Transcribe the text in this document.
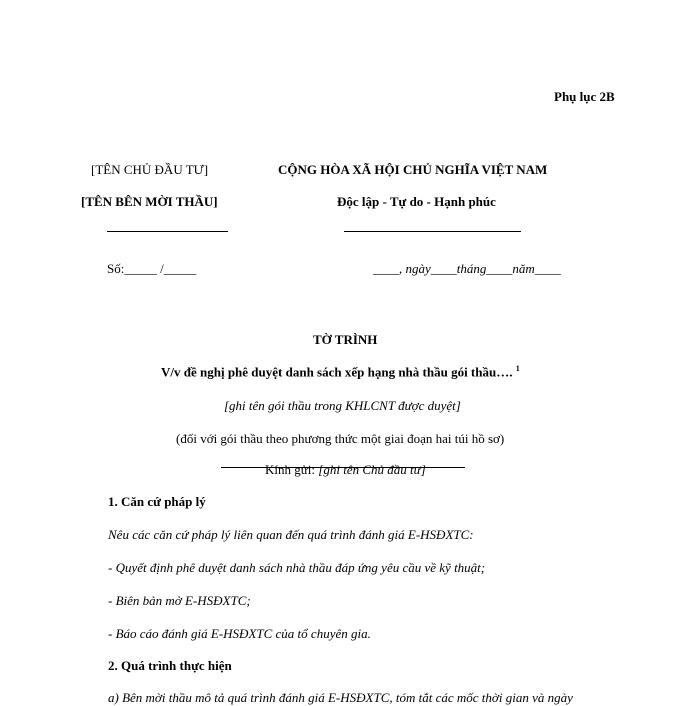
Phụ lục 2B
[TÊN CHỦ ĐẦU TƯ]
[TÊN BÊN MỜI THẦU]
CỘNG HÒA XÃ HỘI CHỦ NGHĨA VIỆT NAM
Độc lập - Tự do - Hạnh phúc
Số:_____ /_____	____, ngày____tháng____năm____
TỜ TRÌNH
V/v đề nghị phê duyệt danh sách xếp hạng nhà thầu gói thầu…. $^1$
[ghi tên gói thầu trong KHLCNT được duyệt]
(đối với gói thầu theo phương thức một giai đoạn hai túi hồ sơ)
Kính gửi: [ghi tên Chủ đầu tư]
1. Căn cứ pháp lý
Nêu các căn cứ pháp lý liên quan đến quá trình đánh giá E-HSĐXTC:
- Quyết định phê duyệt danh sách nhà thầu đáp ứng yêu cầu về kỹ thuật;
- Biên bản mở E-HSĐXTC;
- Báo cáo đánh giá E-HSĐXTC của tổ chuyên gia.
2. Quá trình thực hiện
a) Bên mời thầu mô tả quá trình đánh giá E-HSĐXTC, tóm tắt các mốc thời gian và ngày
